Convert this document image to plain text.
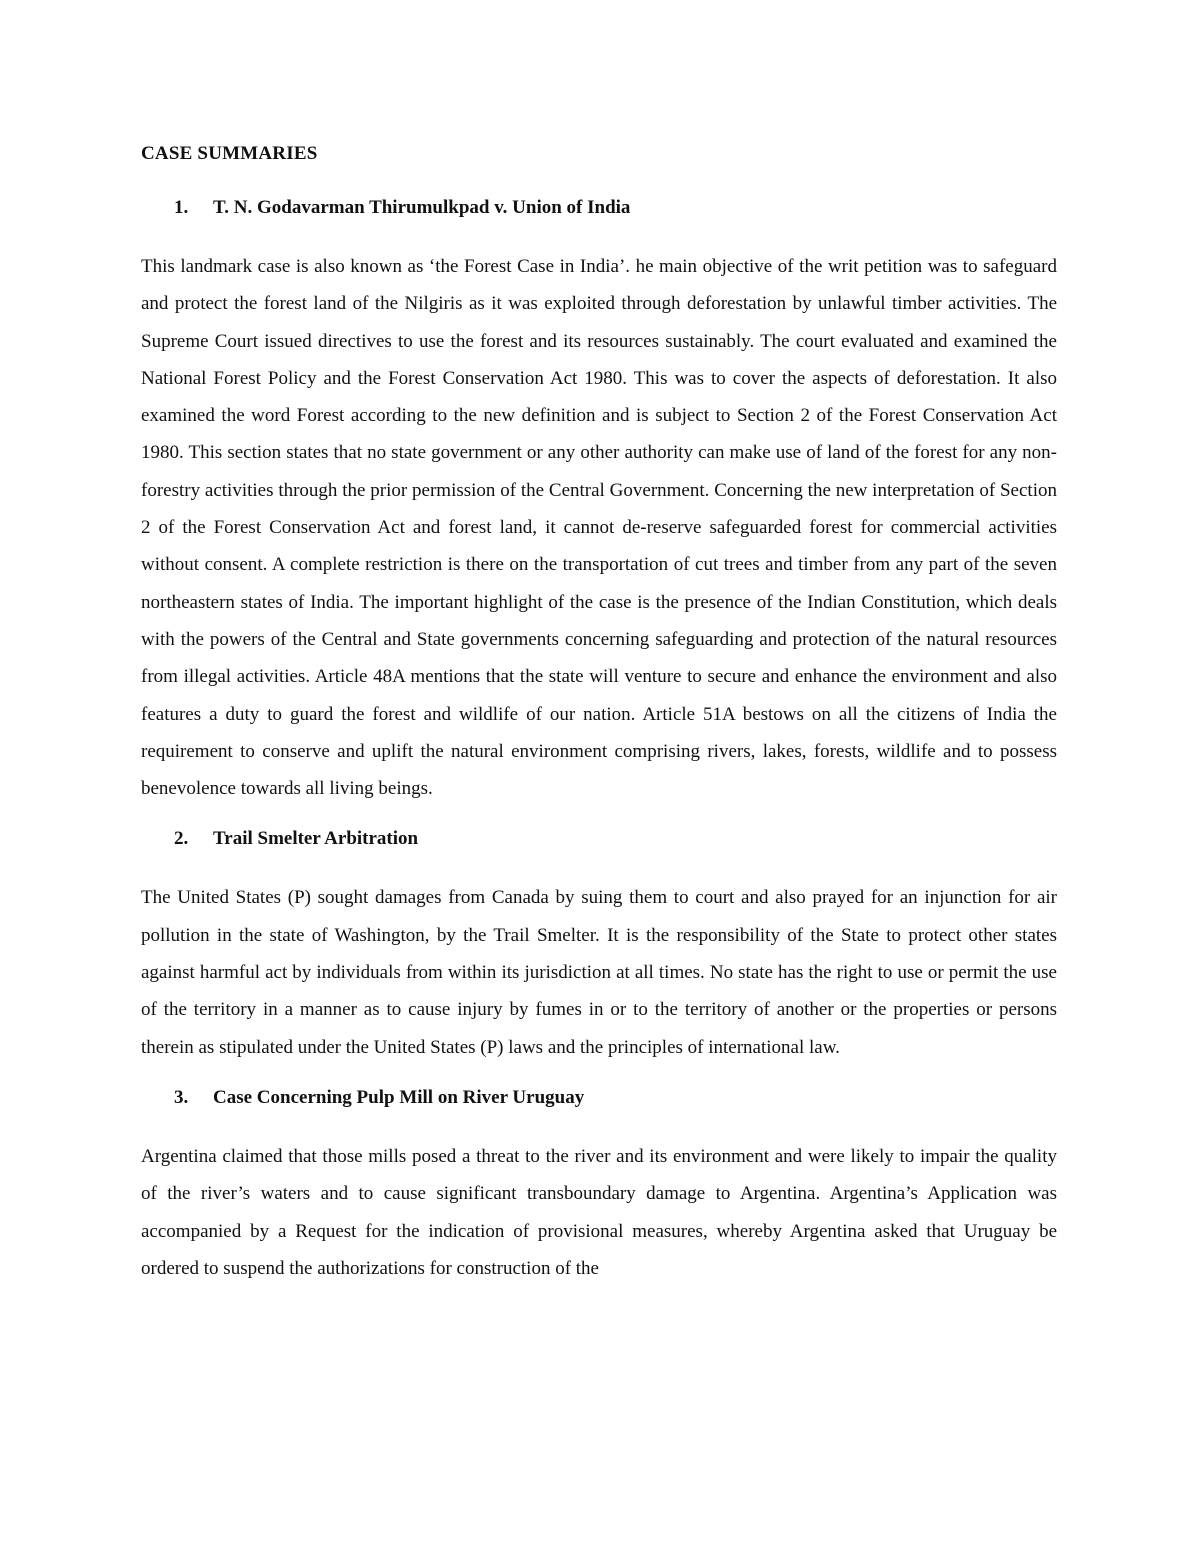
CASE SUMMARIES
1.	T. N. Godavarman Thirumulkpad v. Union of India

This landmark case is also known as ‘the Forest Case in India’. he main objective of the writ petition was to safeguard and protect the forest land of the Nilgiris as it was exploited through deforestation by unlawful timber activities. The Supreme Court issued directives to use the forest and its resources sustainably. The court evaluated and examined the National Forest Policy and the Forest Conservation Act 1980. This was to cover the aspects of deforestation. It also examined the word Forest according to the new definition and is subject to Section 2 of the Forest Conservation Act 1980. This section states that no state government or any other authority can make use of land of the forest for any non-forestry activities through the prior permission of the Central Government. Concerning the new interpretation of Section 2 of the Forest Conservation Act and forest land, it cannot de-reserve safeguarded forest for commercial activities without consent. A complete restriction is there on the transportation of cut trees and timber from any part of the seven northeastern states of India. The important highlight of the case is the presence of the Indian Constitution, which deals with the powers of the Central and State governments concerning safeguarding and protection of the natural resources from illegal activities. Article 48A mentions that the state will venture to secure and enhance the environment and also features a duty to guard the forest and wildlife of our nation. Article 51A bestows on all the citizens of India the requirement to conserve and uplift the natural environment comprising rivers, lakes, forests, wildlife and to possess benevolence towards all living beings.

2.	Trail Smelter Arbitration

The United States (P) sought damages from Canada by suing them to court and also prayed for an injunction for air pollution in the state of Washington, by the Trail Smelter. It is the responsibility of the State to protect other states against harmful act by individuals from within its jurisdiction at all times. No state has the right to use or permit the use of the territory in a manner as to cause injury by fumes in or to the territory of another or the properties or persons therein as stipulated under the United States (P) laws and the principles of international law.

3.	Case Concerning Pulp Mill on River Uruguay

Argentina claimed that those mills posed a threat to the river and its environment and were likely to impair the quality of the river’s waters and to cause significant transboundary damage to Argentina. Argentina’s Application was accompanied by a Request for the indication of provisional measures, whereby Argentina asked that Uruguay be ordered to suspend the authorizations for construction of the
